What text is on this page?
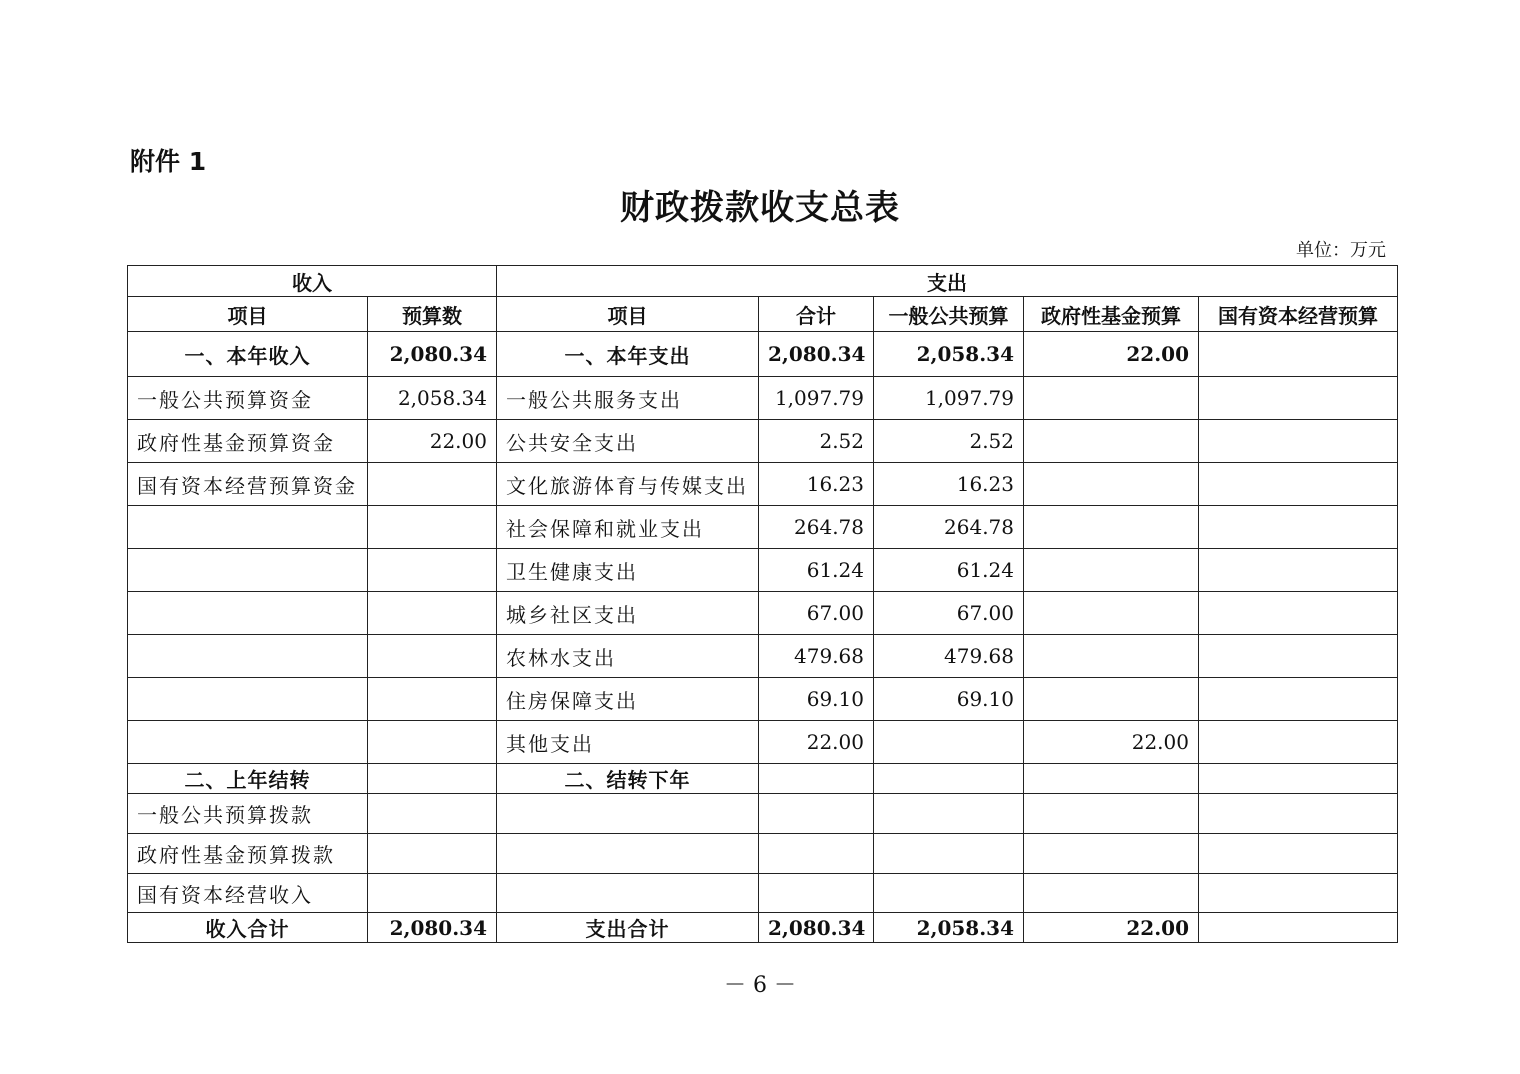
附件 1
财政拨款收支总表
单位：万元
收入		支出				
项目	预算数	项目	合计	一般公共预算	政府性基金预算	国有资本经营预算
一、本年收入	2,080.34	一、本年支出	2,080.34	2,058.34	22.00	
一般公共预算资金	2,058.34	一般公共服务支出	1,097.79	1,097.79		
政府性基金预算资金	22.00	公共安全支出	2.52	2.52		
国有资本经营预算资金		文化旅游体育与传媒支出	16.23	16.23		
		社会保障和就业支出	264.78	264.78		
		卫生健康支出	61.24	61.24		
		城乡社区支出	67.00	67.00		
		农林水支出	479.68	479.68		
		住房保障支出	69.10	69.10		
		其他支出	22.00		22.00	
二、上年结转		二、结转下年				
一般公共预算拨款						
政府性基金预算拨款						
国有资本经营收入						
收入合计	2,080.34	支出合计	2,080.34	2,058.34	22.00	
－ 6 －
